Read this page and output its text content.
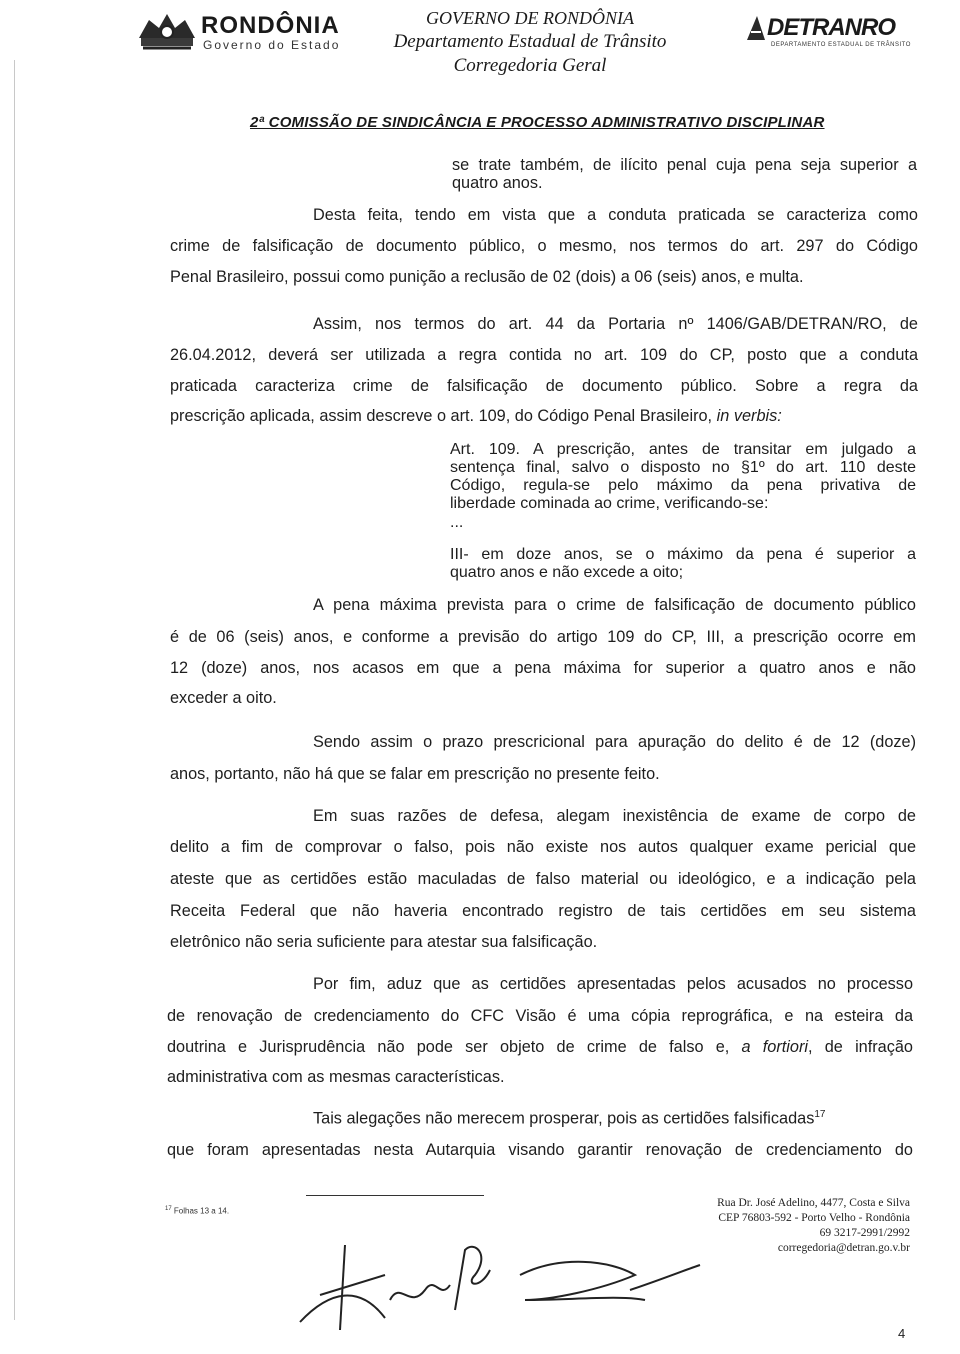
RONDÔNIA
Governo do Estado
GOVERNO DE RONDÔNIA
Departamento Estadual de Trânsito
Corregedoria Geral
DETRANRO
DEPARTAMENTO ESTADUAL DE TRÂNSITO
2ª COMISSÃO DE SINDICÂNCIA E PROCESSO ADMINISTRATIVO DISCIPLINAR
se trate também, de ilícito penal cuja pena seja superior a
quatro anos.
Desta feita, tendo em vista que a conduta praticada se caracteriza como
crime de falsificação de documento público, o mesmo, nos termos do art. 297 do Código
Penal Brasileiro, possui como punição a reclusão de 02 (dois) a 06 (seis) anos, e multa.
Assim, nos termos do art. 44 da Portaria nº 1406/GAB/DETRAN/RO, de
26.04.2012, deverá ser utilizada a regra contida no art. 109 do CP, posto que a conduta
praticada caracteriza crime de falsificação de documento público. Sobre a regra da
prescrição aplicada, assim descreve o art. 109, do Código Penal Brasileiro, in verbis:
Art. 109. A prescrição, antes de transitar em julgado a
sentença final, salvo o disposto no §1º do art. 110 deste
Código, regula-se pelo máximo da pena privativa de
liberdade cominada ao crime, verificando-se:
...
III- em doze anos, se o máximo da pena é superior a
quatro anos e não excede a oito;
A pena máxima prevista para o crime de falsificação de documento público
é de 06 (seis) anos, e conforme a previsão do artigo 109 do CP, III, a prescrição ocorre em
12 (doze) anos, nos acasos em que a pena máxima for superior a quatro anos e não
exceder a oito.
Sendo assim o prazo prescricional para apuração do delito é de 12 (doze)
anos, portanto, não há que se falar em prescrição no presente feito.
Em suas razões de defesa, alegam inexistência de exame de corpo de
delito a fim de comprovar o falso, pois não existe nos autos qualquer exame pericial que
ateste que as certidões estão maculadas de falso material ou ideológico, e a indicação pela
Receita Federal que não haveria encontrado registro de tais certidões em seu sistema
eletrônico não seria suficiente para atestar sua falsificação.
Por fim, aduz que as certidões apresentadas pelos acusados no processo
de renovação de credenciamento do CFC Visão é uma cópia reprográfica, e na esteira da
doutrina e Jurisprudência não pode ser objeto de crime de falso e, a fortiori, de infração
administrativa com as mesmas características.
Tais alegações não merecem prosperar, pois as certidões falsificadas$^{17}$
que foram apresentadas nesta Autarquia visando garantir renovação de credenciamento do
$^{17}$ Folhas 13 a 14.
Rua Dr. José Adelino, 4477, Costa e Silva
CEP 76803-592 - Porto Velho - Rondônia
69 3217-2991/2992
corregedoria@detran.go.v.br
4
